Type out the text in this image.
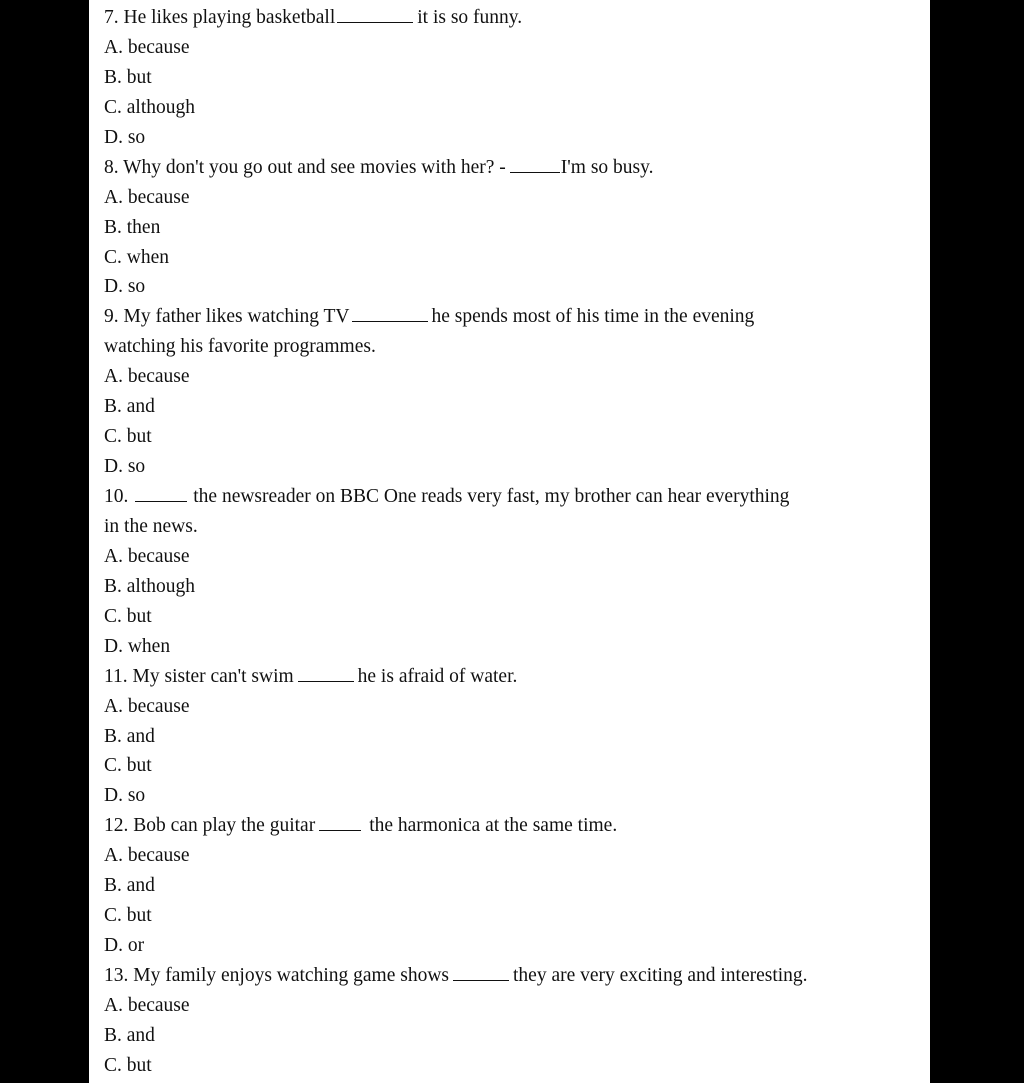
7. He likes playing basketball	it is so funny.
A. because
B. but
C. although
D. so
8. Why don't you go out and see movies with her? -	I'm so busy.
A. because
B. then
C. when
D. so
9. My father likes watching TV	he spends most of his time in the evening
watching his favorite programmes.
A. because
B. and
C. but
D. so
10.	the newsreader on BBC One reads very fast, my brother can hear everything
in the news.
A. because
B. although
C. but
D. when
11. My sister can't swim	he is afraid of water.
A. because
B. and
C. but
D. so
12. Bob can play the guitar	the harmonica at the same time.
A. because
B. and
C. but
D. or
13. My family enjoys watching game shows	they are very exciting and interesting.
A. because
B. and
C. but
